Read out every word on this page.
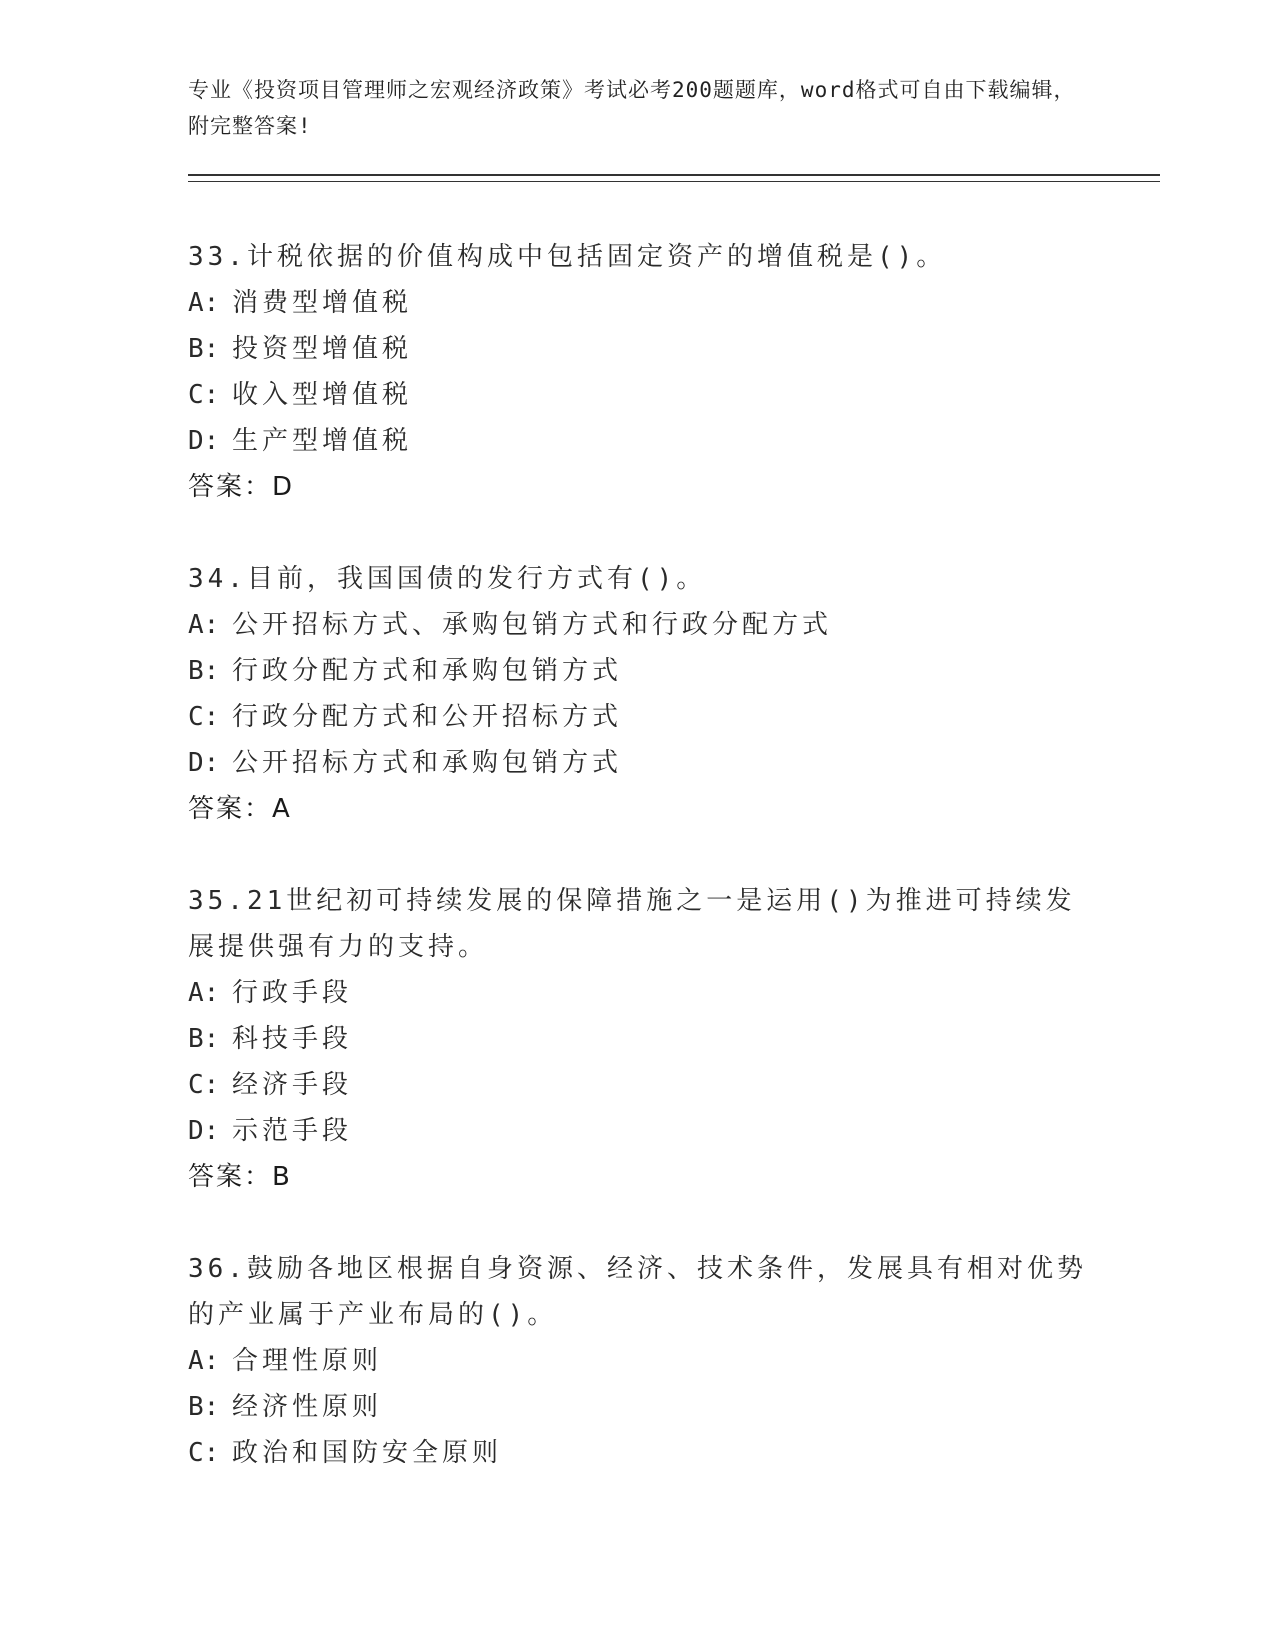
专业《投资项目管理师之宏观经济政策》考试必考200题题库，word格式可自由下载编辑，附完整答案!
33.计税依据的价值构成中包括固定资产的增值税是()。
A: 消费型增值税
B: 投资型增值税
C: 收入型增值税
D: 生产型增值税
答案：D
34.目前，我国国债的发行方式有()。
A: 公开招标方式、承购包销方式和行政分配方式
B: 行政分配方式和承购包销方式
C: 行政分配方式和公开招标方式
D: 公开招标方式和承购包销方式
答案：A
35.21世纪初可持续发展的保障措施之一是运用()为推进可持续发展提供强有力的支持。
A: 行政手段
B: 科技手段
C: 经济手段
D: 示范手段
答案：B
36.鼓励各地区根据自身资源、经济、技术条件，发展具有相对优势的产业属于产业布局的()。
A: 合理性原则
B: 经济性原则
C: 政治和国防安全原则
